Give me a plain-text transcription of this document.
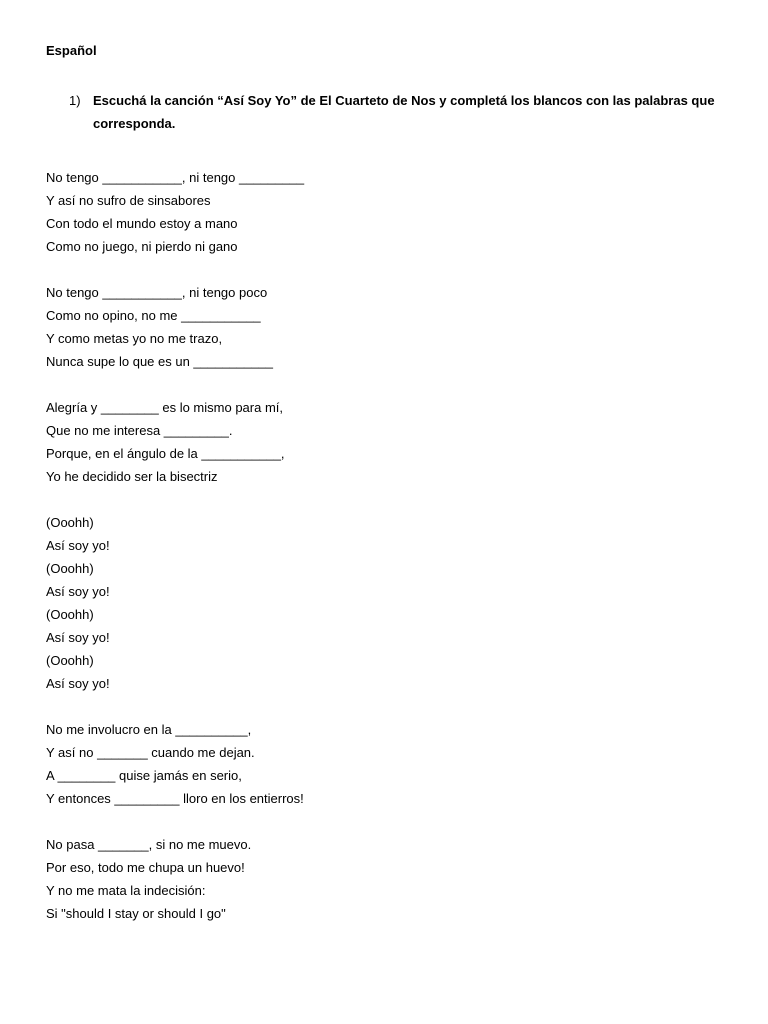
Español
1) Escuchá la canción “Así Soy Yo” de El Cuarteto de Nos y completá los blancos con las palabras que corresponda.

No tengo ___________, ni tengo _________

Y así no sufro de sinsabores

Con todo el mundo estoy a mano

Como no juego, ni pierdo ni gano

No tengo ___________, ni tengo poco

Como no opino, no me ___________

Y como metas yo no me trazo,

Nunca supe lo que es un ___________

Alegría y ________ es lo mismo para mí,

Que no me interesa _________.

Porque, en el ángulo de la ___________,

Yo he decidido ser la bisectriz

(Ooohh)

Así soy yo!

(Ooohh)

Así soy yo!

(Ooohh)

Así soy yo!

(Ooohh)

Así soy yo!

No me involucro en la __________,

Y así no _______ cuando me dejan.

A ________ quise jamás en serio,

Y entonces _________ lloro en los entierros!

No pasa _______, si no me muevo.

Por eso, todo me chupa un huevo!

Y no me mata la indecisión:

Si "should I stay or should I go"
